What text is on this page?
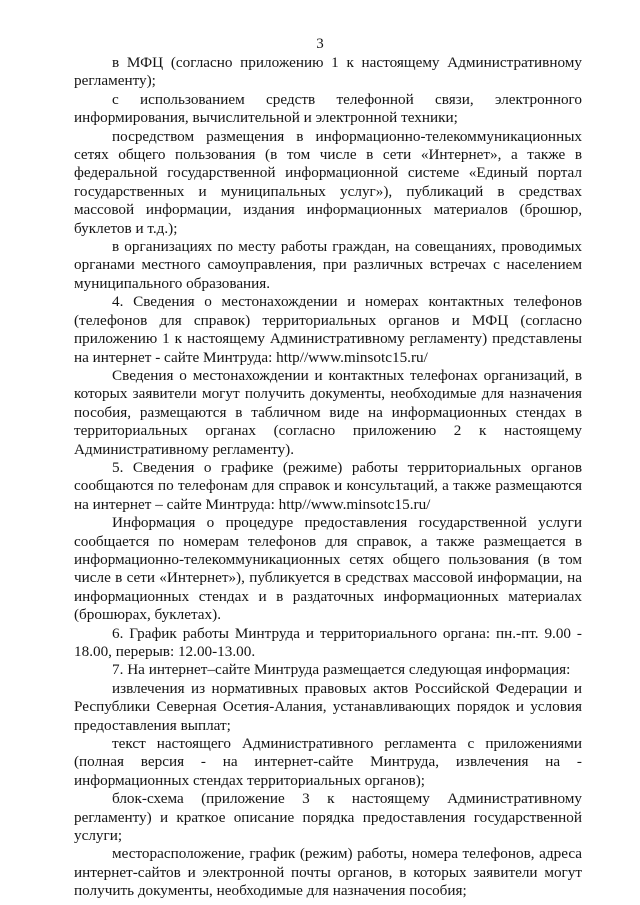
3

в МФЦ (согласно приложению 1 к настоящему Административному регламенту);

с использованием средств телефонной связи, электронного информирования, вычислительной и электронной техники;

посредством размещения в информационно-телекоммуникационных сетях общего пользования (в том числе в сети «Интернет», а также в федеральной государственной информационной системе «Единый портал государственных и муниципальных услуг»), публикаций в средствах массовой информации, издания информационных материалов (брошюр, буклетов и т.д.);

в организациях по месту работы граждан, на совещаниях, проводимых органами местного самоуправления, при различных встречах с населением муниципального образования.

4. Сведения о местонахождении и номерах контактных телефонов (телефонов для справок) территориальных органов и МФЦ (согласно приложению 1 к настоящему Административному регламенту) представлены на интернет - сайте Минтруда: http//www.minsotc15.ru/

Сведения о местонахождении и контактных телефонах организаций, в которых заявители могут получить документы, необходимые для назначения пособия, размещаются в табличном виде на информационных стендах в территориальных органах (согласно приложению 2 к настоящему Административному регламенту).

5. Сведения о графике (режиме) работы территориальных органов сообщаются по телефонам для справок и консультаций, а также размещаются на интернет – сайте Минтруда: http//www.minsotc15.ru/

Информация о процедуре предоставления государственной услуги сообщается по номерам телефонов для справок, а также размещается в информационно-телекоммуникационных сетях общего пользования (в том числе в сети «Интернет»), публикуется в средствах массовой информации, на информационных стендах и в раздаточных информационных материалах (брошюрах, буклетах).

6. График работы Минтруда и территориального органа: пн.-пт. 9.00 - 18.00, перерыв: 12.00-13.00.

7. На интернет–сайте Минтруда размещается следующая информация:

извлечения из нормативных правовых актов Российской Федерации и Республики Северная Осетия-Алания, устанавливающих порядок и условия предоставления выплат;

текст настоящего Административного регламента с приложениями (полная версия - на интернет-сайте Минтруда, извлечения на - информационных стендах территориальных органов);

блок-схема (приложение 3 к настоящему Административному регламенту) и краткое описание порядка предоставления государственной услуги;

месторасположение, график (режим) работы, номера телефонов, адреса интернет-сайтов и электронной почты органов, в которых заявители могут получить документы, необходимые для назначения пособия;
